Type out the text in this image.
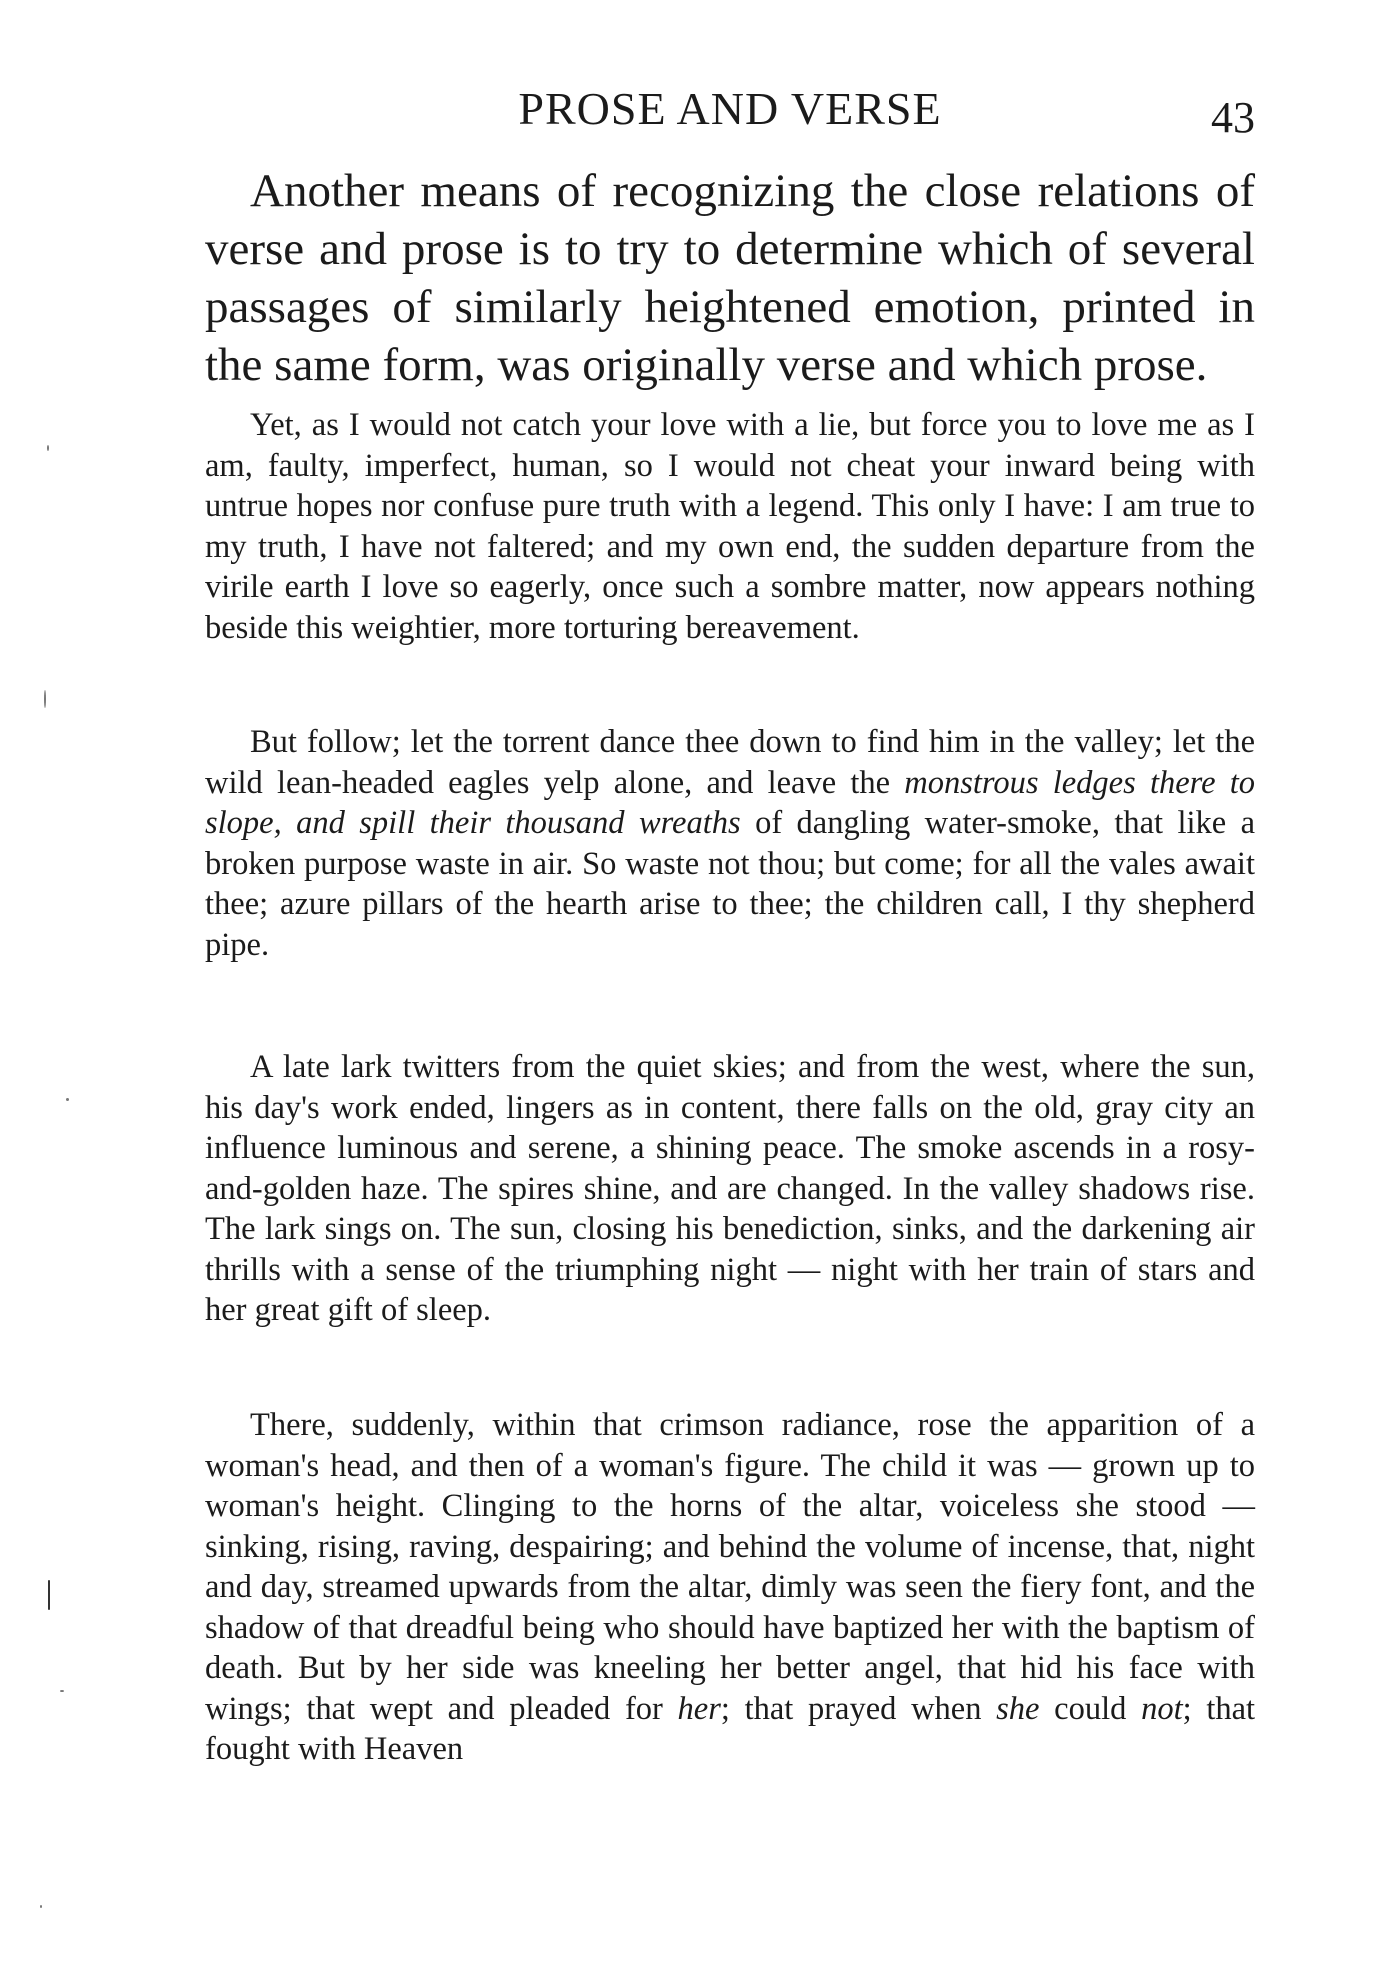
PROSE AND VERSE	43

Another means of recognizing the close relations of verse and prose is to try to determine which of several passages of similarly heightened emotion, printed in the same form, was originally verse and which prose.

Yet, as I would not catch your love with a lie, but force you to love me as I am, faulty, imperfect, human, so I would not cheat your inward being with untrue hopes nor confuse pure truth with a legend. This only I have: I am true to my truth, I have not faltered; and my own end, the sudden departure from the virile earth I love so eagerly, once such a sombre matter, now appears nothing beside this weightier, more torturing bereavement.

But follow; let the torrent dance thee down to find him in the valley; let the wild lean-headed eagles yelp alone, and leave the monstrous ledges there to slope, and spill their thousand wreaths of dangling water-smoke, that like a broken purpose waste in air. So waste not thou; but come; for all the vales await thee; azure pillars of the hearth arise to thee; the children call, I thy shepherd pipe.

A late lark twitters from the quiet skies; and from the west, where the sun, his day's work ended, lingers as in content, there falls on the old, gray city an influence luminous and serene, a shining peace. The smoke ascends in a rosy-and-golden haze. The spires shine, and are changed. In the valley shadows rise. The lark sings on. The sun, closing his benediction, sinks, and the darkening air thrills with a sense of the triumphing night — night with her train of stars and her great gift of sleep.

There, suddenly, within that crimson radiance, rose the apparition of a woman's head, and then of a woman's figure. The child it was — grown up to woman's height. Clinging to the horns of the altar, voiceless she stood — sinking, rising, raving, despairing; and behind the volume of incense, that, night and day, streamed upwards from the altar, dimly was seen the fiery font, and the shadow of that dreadful being who should have baptized her with the baptism of death. But by her side was kneeling her better angel, that hid his face with wings; that wept and pleaded for her; that prayed when she could not; that fought with Heaven
